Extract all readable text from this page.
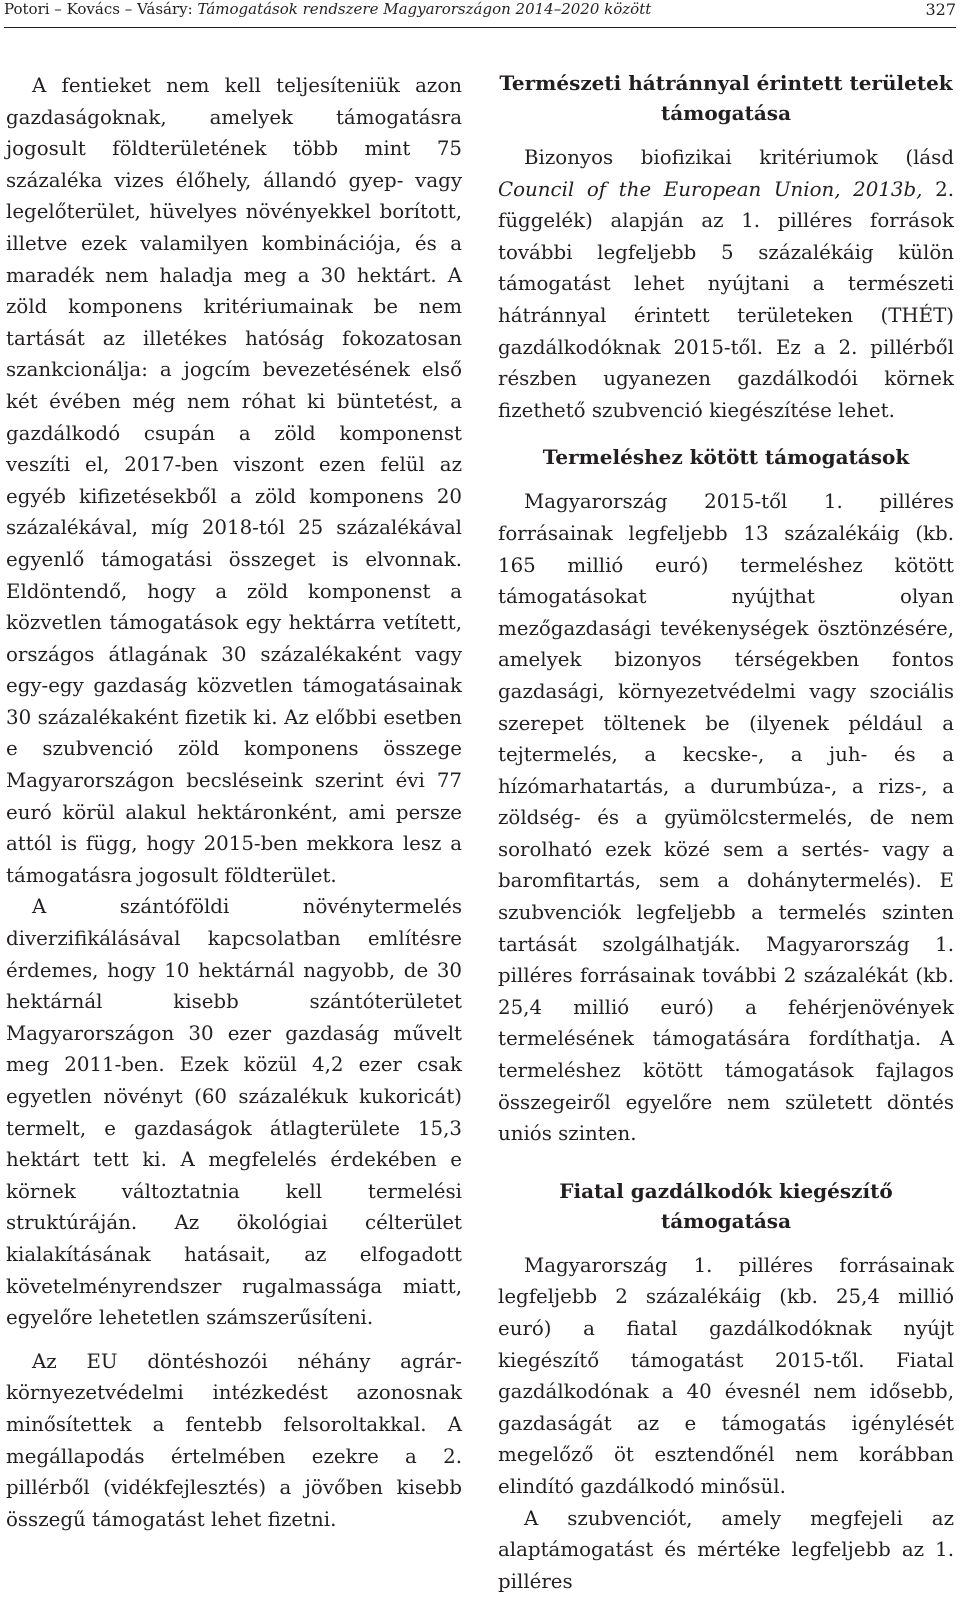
Potori – Kovács – Vásáry: Támogatások rendszere Magyarországon 2014–2020 között	327

A fentieket nem kell teljesíteniük azon gazdaságoknak, amelyek támogatásra jogosult földterületének több mint 75 százaléka vizes élőhely, állandó gyep- vagy legelőterület, hüvelyes növényekkel borított, illetve ezek valamilyen kombinációja, és a maradék nem haladja meg a 30 hektárt. A zöld komponens kritériumainak be nem tartását az illetékes hatóság fokozatosan szankcionálja: a jogcím bevezetésének első két évében még nem róhat ki büntetést, a gazdálkodó csupán a zöld komponenst veszíti el, 2017-ben viszont ezen felül az egyéb kifizetésekből a zöld komponens 20 százalékával, míg 2018-tól 25 százalékával egyenlő támogatási összeget is elvonnak. Eldöntendő, hogy a zöld komponenst a közvetlen támogatások egy hektárra vetített, országos átlagának 30 százalékaként vagy egy-egy gazdaság közvetlen támogatásainak 30 százalékaként fizetik ki. Az előbbi esetben e szubvenció zöld komponens összege Magyarországon becsléseink szerint évi 77 euró körül alakul hektáronként, ami persze attól is függ, hogy 2015-ben mekkora lesz a támogatásra jogosult földterület.

A szántóföldi növénytermelés diverzifikálásával kapcsolatban említésre érdemes, hogy 10 hektárnál nagyobb, de 30 hektárnál kisebb szántóterületet Magyarországon 30 ezer gazdaság művelt meg 2011-ben. Ezek közül 4,2 ezer csak egyetlen növényt (60 százalékuk kukoricát) termelt, e gazdaságok átlagterülete 15,3 hektárt tett ki. A megfelelés érdekében e körnek változtatnia kell termelési struktúráján. Az ökológiai célterület kialakításának hatásait, az elfogadott követelményrendszer rugalmassága miatt, egyelőre lehetetlen számszerűsíteni.

Az EU döntéshozói néhány agrár-környezetvédelmi intézkedést azonosnak minősítettek a fentebb felsoroltakkal. A megállapodás értelmében ezekre a 2. pillérből (vidékfejlesztés) a jövőben kisebb összegű támogatást lehet fizetni.

Természeti hátránnyal érintett területek támogatása

Bizonyos biofizikai kritériumok (lásd Council of the European Union, 2013b, 2. függelék) alapján az 1. pilléres források további legfeljebb 5 százalékáig külön támogatást lehet nyújtani a természeti hátránnyal érintett területeken (THÉT) gazdálkodóknak 2015-től. Ez a 2. pillérből részben ugyanezen gazdálkodói körnek fizethető szubvenció kiegészítése lehet.

Termeléshez kötött támogatások

Magyarország 2015-től 1. pilléres forrásainak legfeljebb 13 százalékáig (kb. 165 millió euró) termeléshez kötött támogatásokat nyújthat olyan mezőgazdasági tevékenységek ösztönzésére, amelyek bizonyos térségekben fontos gazdasági, környezetvédelmi vagy szociális szerepet töltenek be (ilyenek például a tejtermelés, a kecske-, a juh- és a hízómarhatartás, a durumbúza-, a rizs-, a zöldség- és a gyümölcstermelés, de nem sorolható ezek közé sem a sertés- vagy a baromfitartás, sem a dohánytermelés). E szubvenciók legfeljebb a termelés szinten tartását szolgálhatják. Magyarország 1. pilléres forrásainak további 2 százalékát (kb. 25,4 millió euró) a fehérjenövények termelésének támogatására fordíthatja. A termeléshez kötött támogatások fajlagos összegeiről egyelőre nem született döntés uniós szinten.

Fiatal gazdálkodók kiegészítő támogatása

Magyarország 1. pilléres forrásainak legfeljebb 2 százalékáig (kb. 25,4 millió euró) a fiatal gazdálkodóknak nyújt kiegészítő támogatást 2015-től. Fiatal gazdálkodónak a 40 évesnél nem idősebb, gazdaságát az e támogatás igénylését megelőző öt esztendőnél nem korábban elindító gazdálkodó minősül.

A szubvenciót, amely megfejeli az alaptámogatást és mértéke legfeljebb az 1. pilléres
